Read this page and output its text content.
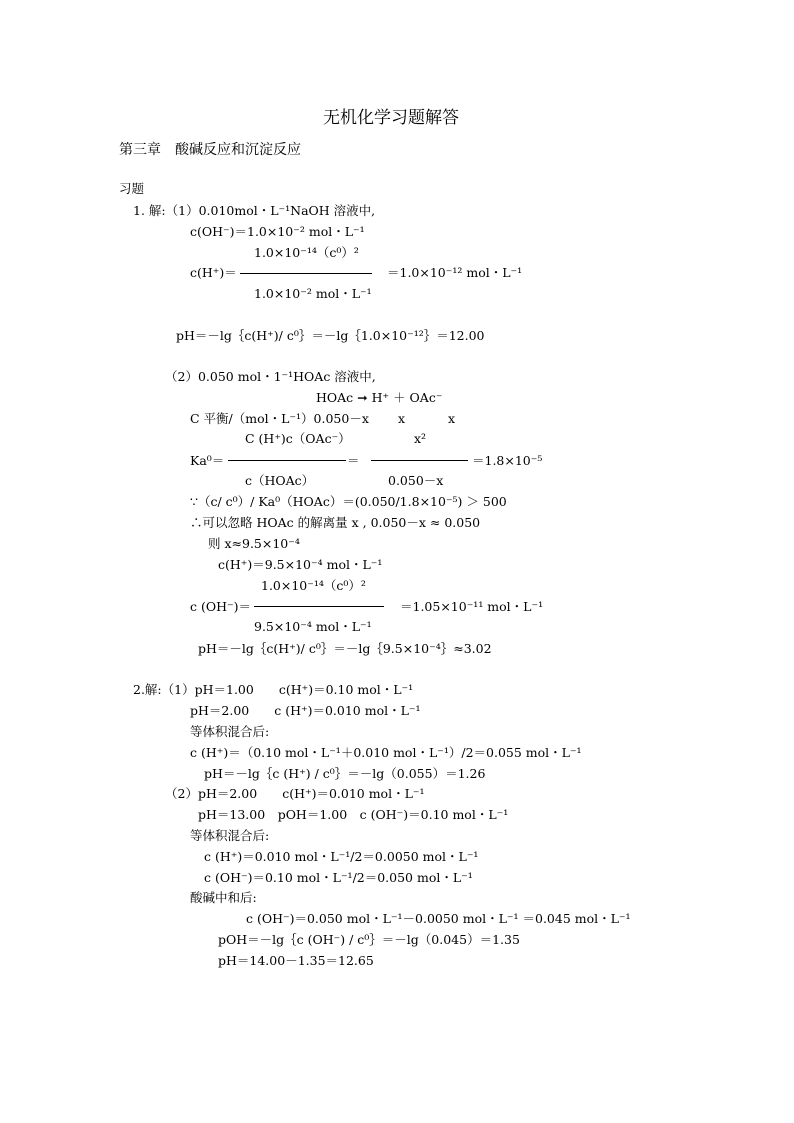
无机化学习题解答
第三章　酸碱反应和沉淀反应
习题
1. 解:（1）0.010mol・L⁻¹NaOH 溶液中,
c(OH⁻)＝1.0×10⁻² mol・L⁻¹
1.0×10⁻¹⁴（c⁰）²
c(H⁺)＝	＝1.0×10⁻¹² mol・L⁻¹
1.0×10⁻² mol・L⁻¹
pH＝－lg｛c(H⁺)/ c⁰｝＝－lg｛1.0×10⁻¹²｝＝12.00
（2）0.050 mol・1⁻¹HOAc 溶液中,
HOAc ➞ H⁺ ＋ OAc⁻
C 平衡/（mol・L⁻¹）0.050－x x	x
C (H⁺)c（OAc⁻）	x²
Ka⁰＝	＝	＝1.8×10⁻⁵
c（HOAc）	0.050－x
∵（c/ c⁰）/ Ka⁰（HOAc）＝(0.050/1.8×10⁻⁵) ＞ 500
∴可以忽略 HOAc 的解离量 x , 0.050－x ≈ 0.050
则 x≈9.5×10⁻⁴
c(H⁺)＝9.5×10⁻⁴ mol・L⁻¹
1.0×10⁻¹⁴（c⁰）²
c (OH⁻)＝	＝1.05×10⁻¹¹ mol・L⁻¹
9.5×10⁻⁴ mol・L⁻¹
pH＝－lg｛c(H⁺)/ c⁰｝＝－lg｛9.5×10⁻⁴｝≈3.02
2.解:（1）pH＝1.00　　c(H⁺)＝0.10 mol・L⁻¹
pH＝2.00　　c (H⁺)＝0.010 mol・L⁻¹
等体积混合后:
c (H⁺)＝（0.10 mol・L⁻¹＋0.010 mol・L⁻¹）/2＝0.055 mol・L⁻¹
pH＝－lg｛c (H⁺) / c⁰｝＝－lg（0.055）＝1.26
（2）pH＝2.00　　c(H⁺)＝0.010 mol・L⁻¹
pH＝13.00　pOH＝1.00　c (OH⁻)＝0.10 mol・L⁻¹
等体积混合后:
c (H⁺)＝0.010 mol・L⁻¹/2＝0.0050 mol・L⁻¹
c (OH⁻)＝0.10 mol・L⁻¹/2＝0.050 mol・L⁻¹
酸碱中和后:
c (OH⁻)＝0.050 mol・L⁻¹－0.0050 mol・L⁻¹ ＝0.045 mol・L⁻¹
pOH＝－lg｛c (OH⁻) / c⁰｝＝－lg（0.045）＝1.35
pH＝14.00－1.35＝12.65
